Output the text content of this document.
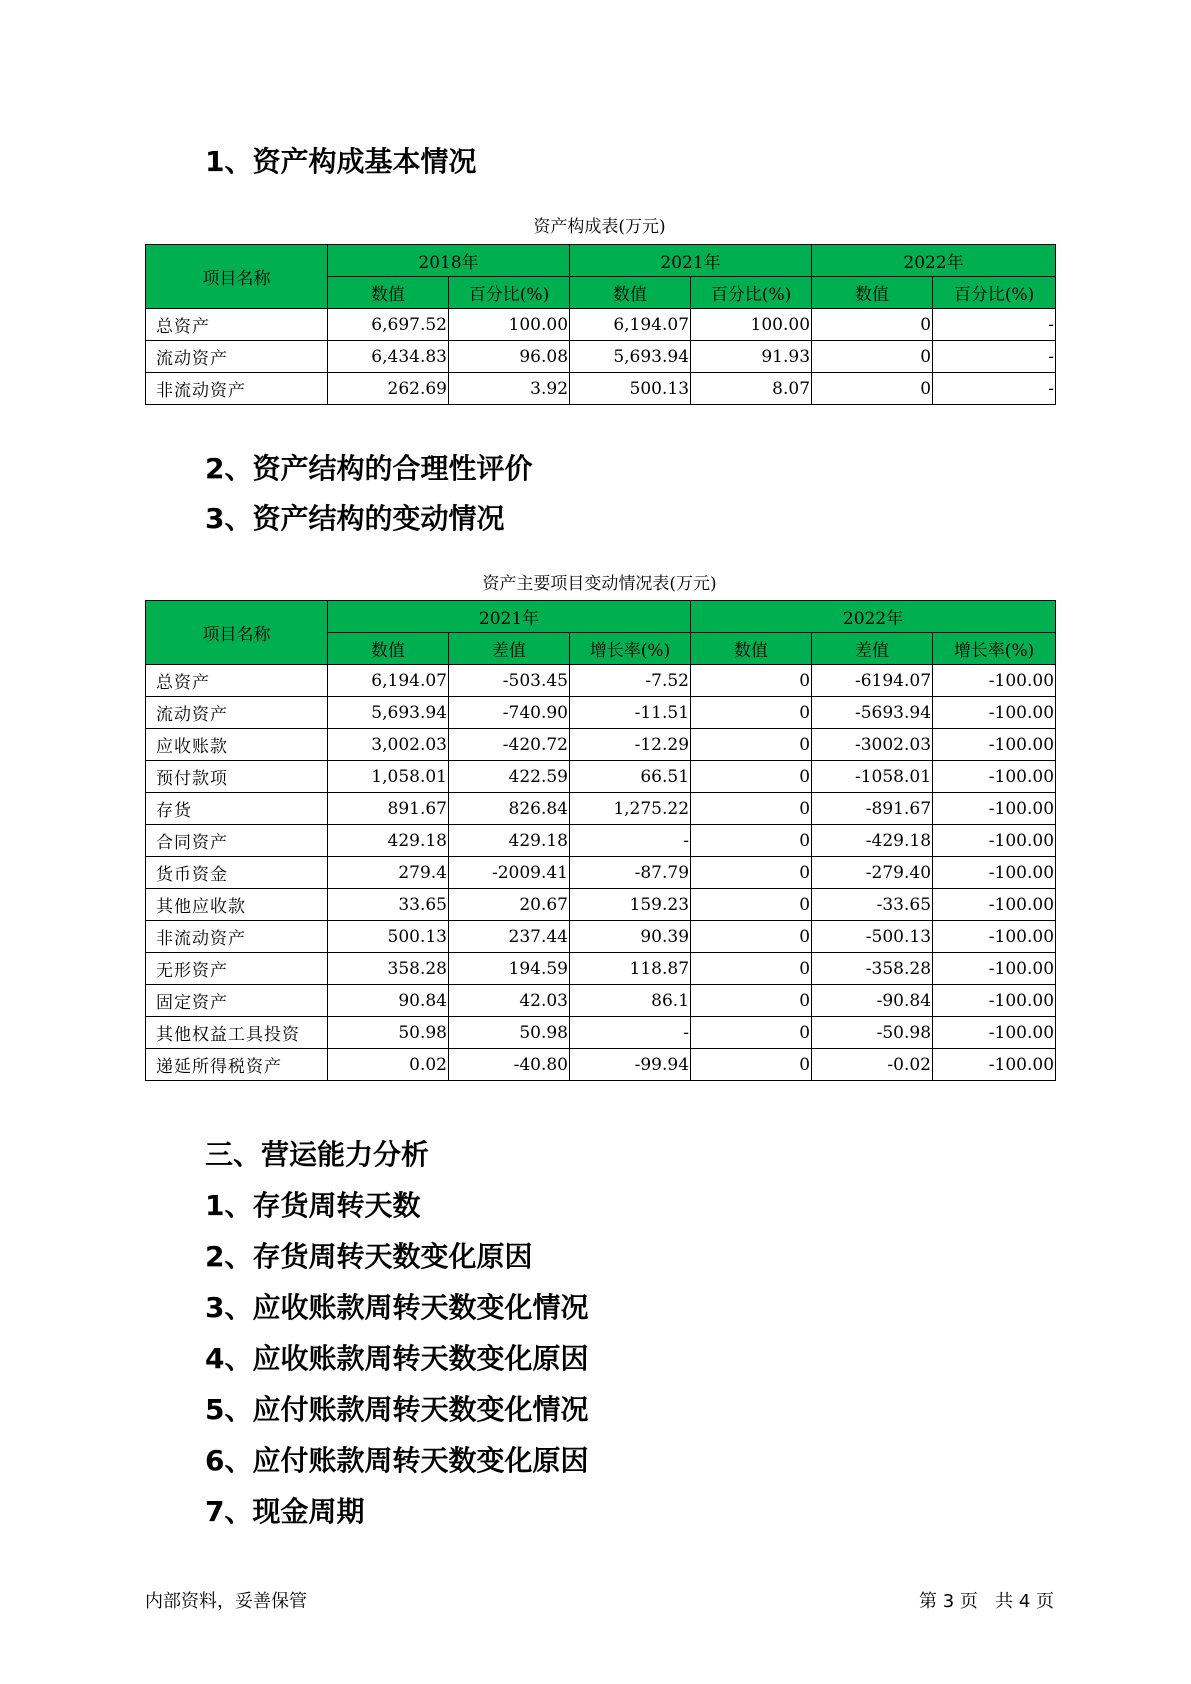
1、资产构成基本情况
资产构成表(万元)
项目名称	2018年		2021年		2022年	
	数值	百分比(%)	数值	百分比(%)	数值	百分比(%)
总资产	6,697.52	100.00	6,194.07	100.00	0	-
流动资产	6,434.83	96.08	5,693.94	91.93	0	-
非流动资产	262.69	3.92	500.13	8.07	0	-
2、资产结构的合理性评价
3、资产结构的变动情况
资产主要项目变动情况表(万元)
项目名称	2021年			2022年		
	数值	差值	增长率(%)	数值	差值	增长率(%)
总资产	6,194.07	-503.45	-7.52	0	-6194.07	-100.00
流动资产	5,693.94	-740.90	-11.51	0	-5693.94	-100.00
应收账款	3,002.03	-420.72	-12.29	0	-3002.03	-100.00
预付款项	1,058.01	422.59	66.51	0	-1058.01	-100.00
存货	891.67	826.84	1,275.22	0	-891.67	-100.00
合同资产	429.18	429.18	-	0	-429.18	-100.00
货币资金	279.4	-2009.41	-87.79	0	-279.40	-100.00
其他应收款	33.65	20.67	159.23	0	-33.65	-100.00
非流动资产	500.13	237.44	90.39	0	-500.13	-100.00
无形资产	358.28	194.59	118.87	0	-358.28	-100.00
固定资产	90.84	42.03	86.1	0	-90.84	-100.00
其他权益工具投资	50.98	50.98	-	0	-50.98	-100.00
递延所得税资产	0.02	-40.80	-99.94	0	-0.02	-100.00
三、营运能力分析
1、存货周转天数
2、存货周转天数变化原因
3、应收账款周转天数变化情况
4、应收账款周转天数变化原因
5、应付账款周转天数变化情况
6、应付账款周转天数变化原因
7、现金周期
内部资料，妥善保管	第 3 页   共 4 页
